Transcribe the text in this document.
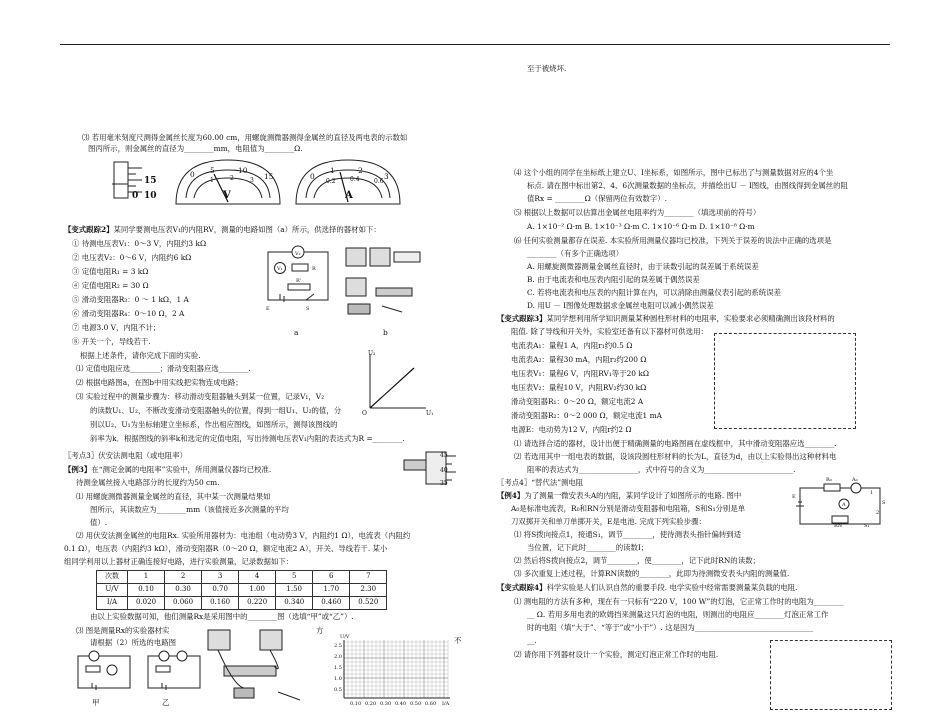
⑶ 若用毫米刻度尺测得金属丝长度为60.00 cm，用螺旋测微器测得金属丝的直径及两电表的示数如
图丙所示，则金属丝的直径为________mm，电阻值为________Ω.
15
10
0
0 5	10
15
1	2	3
V
0
1	2
3
0.2 0.4 0.6
A
【变式跟踪2】某同学要测电压表V₁的内阻RV，测量的电路如图（a）所示，供选择的器材如下：
① 待测电压表V₁：0～3 V，内阻约3 kΩ
② 电压表V₂：0～6 V，内阻约6 kΩ
③ 定值电阻R₁ = 3 kΩ
④ 定值电阻R₂ = 30 Ω
⑤ 滑动变阻器R₃：0 ～ 1 kΩ，1 A
⑥ 滑动变阻器R₄：0～10 Ω，2 A
⑦ 电源3.0 V，内阻不计；
⑧ 开关一个，导线若干.
V₂
V₁	R
R'
E	S
a	b
U₂
U₁
O
根据上述条件，请你完成下面的实验.
⑴ 定值电阻应选________；滑动变阻器应选________.
⑵ 根据电路图a，在图b中用实线把实物连成电路；
⑶ 实验过程中的测量步骤为：移动滑动变阻器触头到某一位置，记录V₁，V₂
的读数U₁、U₂，不断改变滑动变阻器触头的位置，得到一组U₁、U₂的值，分
别以U₂、U₁为坐标轴建立坐标系，作出相应图线，如图所示，测得该图线的
斜率为k．根据图线的斜率k和选定的定值电阻，写出待测电压表V₁内阻的表达式为R =________.
〖考点3〗伏安法测电阻（或电阻率）
【例3】在“测定金属的电阻率”实验中，所用测量仪器均已校准.
待测金属丝接入电路部分的长度约为50 cm.
⑴ 用螺旋测微器测量金属丝的直径，其中某一次测量结果如
图所示，其读数应为________mm（该值接近多次测量的平均
值）.
45
40
35
⑵ 用伏安法测金属丝的电阻Rx. 实验所用器材为：电池组（电动势3 V，内阻约1 Ω），电流表（内阻约
0.1 Ω），电压表（内阻约3 kΩ），滑动变阻器R（0～20 Ω，额定电流2 A），开关、导线若干. 某小
组同学利用以上器材正确连接好电路，进行实验测量，记录数据如下：
次数	1	2	3	4	5	6	7
U/V	0.10	0.30	0.70	1.00	1.50	1.70	2.30
I/A	0.020	0.060	0.160	0.220	0.340	0.460	0.520
由以上实验数据可知，他们测量Rx是采用图中的________图（选填“甲”或“乙”）.
⑶ 图是测量Rx的实验器材实
请根据（2）所选的电路图
方
不
甲	乙
U/V
2.5
2.0
1.5
1.0
0.5
0.10 0.20 0.30 0.40 0.50 0.60 I/A
至于被烧坏.
⑷ 这个小组的同学在坐标纸上建立U、I坐标系，如图所示，图中已标出了与测量数据对应的4个坐
标点. 请在图中标出第2、4、6次测量数据的坐标点，并描绘出U － I图线，由图线得到金属丝的阻
值Rx = ________Ω（保留两位有效数字）.
⑸ 根据以上数据可以估算出金属丝电阻率约为________（填选项前的符号）
A. 1×10⁻² Ω·m B. 1×10⁻³ Ω·m C. 1×10⁻⁶ Ω·m D. 1×10⁻⁸ Ω·m
⑹ 任何实验测量都存在误差. 本实验所用测量仪器均已校准，下列关于误差的说法中正确的选项是
________（有多个正确选项）
A. 用螺旋测微器测量金属丝直径时，由于读数引起的误差属于系统误差
B. 由于电流表和电压表内阻引起的误差属于偶然误差
C. 若将电流表和电压表的内阻计算在内，可以消除由测量仪表引起的系统误差
D. 用U － I图像处理数据求金属丝电阻可以减小偶然误差
【变式跟踪3】某同学想利用所学知识测量某种圆柱形材料的电阻率，实验要求必须精确测出该段材料的
阻值. 除了导线和开关外，实验室还备有以下器材可供选用：
电流表A₁：量程1 A，内阻r₁约0.5 Ω
电流表A₂：量程30 mA，内阻r₂约200 Ω
电压表V₁：量程6 V，内阻RV₁等于20 kΩ
电压表V₂：量程10 V，内阻RV₂约30 kΩ
滑动变阻器R₁：0～20 Ω，额定电流2 A
滑动变阻器R₂：0～2 000 Ω，额定电流1 mA
电源E：电动势为12 V，内阻r约2 Ω
⑴ 请选择合适的器材，设计出便于精确测量的电路图画在虚线框中，其中滑动变阻器应选________.
⑵ 若选用其中一组电表的数据，设该段圆柱形材料的长为L，直径为d，由以上实验得出这种材料电
阻率的表达式为________________，式中符号的含义为________________________.
〖考点4〗“替代法”测电阻
【例4】为了测量一微安表头A的内阻，某同学设计了如图所示的电路. 图中
A₀是标准电流表，R₀和RN分别是滑动变阻器和电阻箱，S和S₁分别是单
刀双掷开关和单刀单掷开关，E是电池. 完成下列实验步骤：
⑴ 将S拨向接点1，接通S₁，调节________，使待测表头指针偏转到适
当位置，记下此时________的读数I；
⑵ 然后将S拨向接点2，调节________，使________，记下此时RN的读数；
⑶ 多次重复上述过程，计算RN读数的________，此即为待测微安表头内阻的测量值.
E
S
R₀	A₀
A
RN	S₁
1
2
【变式跟踪4】科学实验是人们认识自然的重要手段. 电学实验中经常需要测量某负载的电阻.
⑴ 测电阻的方法有多种，现在有一只标有“220 V，100 W”的灯泡，它正常工作时的电阻为________
__ Ω. 若用多用电表的欧姆挡来测量这只灯泡的电阻，则测出的电阻应________灯泡正常工作
时的电阻（填“大于”、“等于”或“小于”）. 这是因为________________________________
__.
⑵ 请你用下列器材设计一个实验，测定灯泡正常工作时的电阻.
